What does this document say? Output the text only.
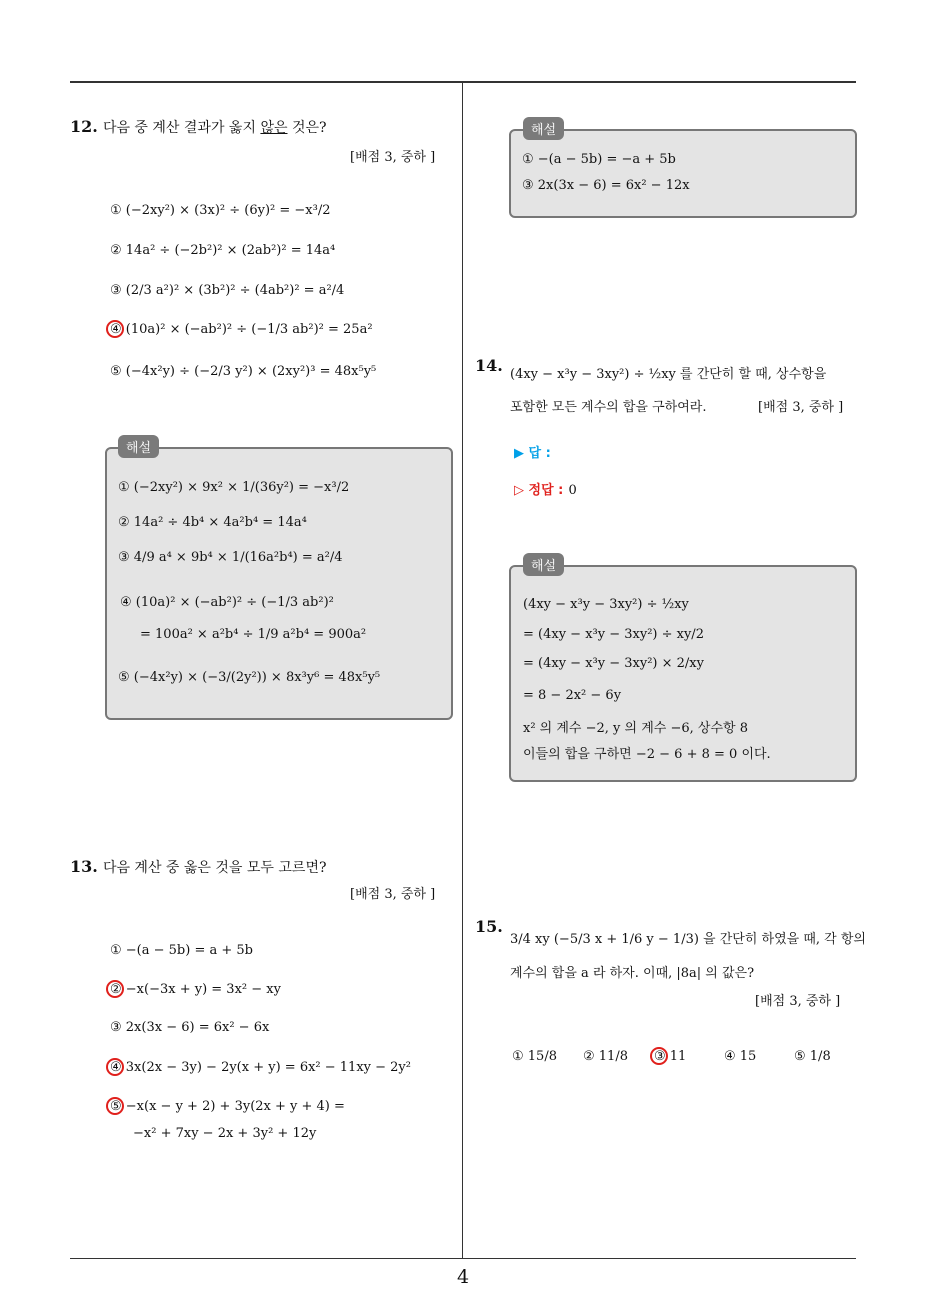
12. 다음 중 계산 결과가 옳지 않은 것은?
[배점 3, 중하 ]
① (−2xy²) × (3x)² ÷ (6y)² = −x³/2
② 14a² ÷ (−2b²)² × (2ab²)² = 14a⁴
③ (2/3 a²)² × (3b²)² ÷ (4ab²)² = a²/4
④ (10a)² × (−ab²)² ÷ (−1/3 ab²)² = 25a²
⑤ (−4x²y) ÷ (−2/3 y²) × (2xy²)³ = 48x⁵y⁵
해설
① (−2xy²) × 9x² × 1/(36y²) = −x³/2
② 14a² ÷ 4b⁴ × 4a²b⁴ = 14a⁴
③ 4/9 a⁴ × 9b⁴ × 1/(16a²b⁴) = a²/4
④ (10a)² × (−ab²)² ÷ (−1/3 ab²)²
= 100a² × a²b⁴ ÷ 1/9 a²b⁴ = 900a²
⑤ (−4x²y) × (−3/(2y²)) × 8x³y⁶ = 48x⁵y⁵
13. 다음 계산 중 옳은 것을 모두 고르면?
[배점 3, 중하 ]
① −(a − 5b) = a + 5b
② −x(−3x + y) = 3x² − xy
③ 2x(3x − 6) = 6x² − 6x
④ 3x(2x − 3y) − 2y(x + y) = 6x² − 11xy − 2y²
⑤ −x(x − y + 2) + 3y(2x + y + 4) =
−x² + 7xy − 2x + 3y² + 12y
해설
① −(a − 5b) = −a + 5b
③ 2x(3x − 6) = 6x² − 12x
14. (4xy − x³y − 3xy²) ÷ ½xy 를 간단히 할 때, 상수항을
포함한 모든 계수의 합을 구하여라.	[배점 3, 중하 ]
▶ 답 :
▷ 정답 : 0
해설
(4xy − x³y − 3xy²) ÷ ½xy
= (4xy − x³y − 3xy²) ÷ xy/2
= (4xy − x³y − 3xy²) × 2/xy
= 8 − 2x² − 6y
x² 의 계수 −2, y 의 계수 −6, 상수항 8
이들의 합을 구하면 −2 − 6 + 8 = 0 이다.
15.
3/4 xy (−5/3 x + 1/6 y − 1/3) 을 간단히 하였을 때, 각 항의
계수의 합을 a 라 하자. 이때, |8a| 의 값은?
[배점 3, 중하 ]
① 15/8 ② 11/8 ③ 11	④ 15	⑤ 1/8
4
